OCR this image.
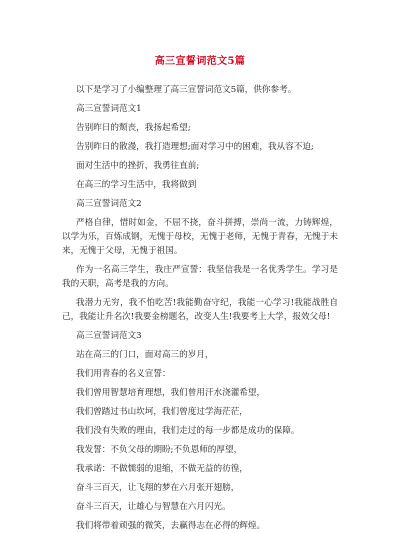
高三宣誓词范文5篇

以下是学习了小编整理了高三宣誓词范文5篇，供你参考。

高三宣誓词范文1

告别昨日的颓丧，我扬起希望;

告别昨日的散漫，我打造理想;面对学习中的困难，我从容不迫;

面对生活中的挫折，我勇往直前;

在高三的学习生活中，我将做到

高三宣誓词范文2

严格自律，惜时如金，不屈不挠，奋斗拼搏，崇尚一流，力铸辉煌，以学为乐，百炼成钢，无愧于母校，无愧于老师，无愧于青春，无愧于未来，无愧于父母，无愧于祖国。

作为一名高三学生，我庄严宣誓：我坚信我是一名优秀学生。学习是我的天职，高考是我的方向。

我潜力无穷，我不怕吃苦!我能勤奋守纪，我能一心学习!我能战胜自己，我能让升名次!我要金榜题名，改变人生!我要考上大学，报效父母!

高三宣誓词范文3

站在高三的门口，面对高三的岁月，

我们用青春的名义宣誓：

我们曾用智慧培育理想，我们曾用汗水浇灌希望，

我们曾踏过书山坎坷，我们曾度过学海茫茫，

我们没有失败的理由，我们走过的每一步都是成功的保障。

我发誓：不负父母的期盼;不负恩师的厚望，

我承诺：不做懦弱的退缩，不做无益的彷徨，

奋斗三百天，让飞翔的梦在六月张开翅膀，

奋斗三百天，让雄心与智慧在六月闪光。

我们将带着顽强的微笑，去赢得志在必得的辉煌。
